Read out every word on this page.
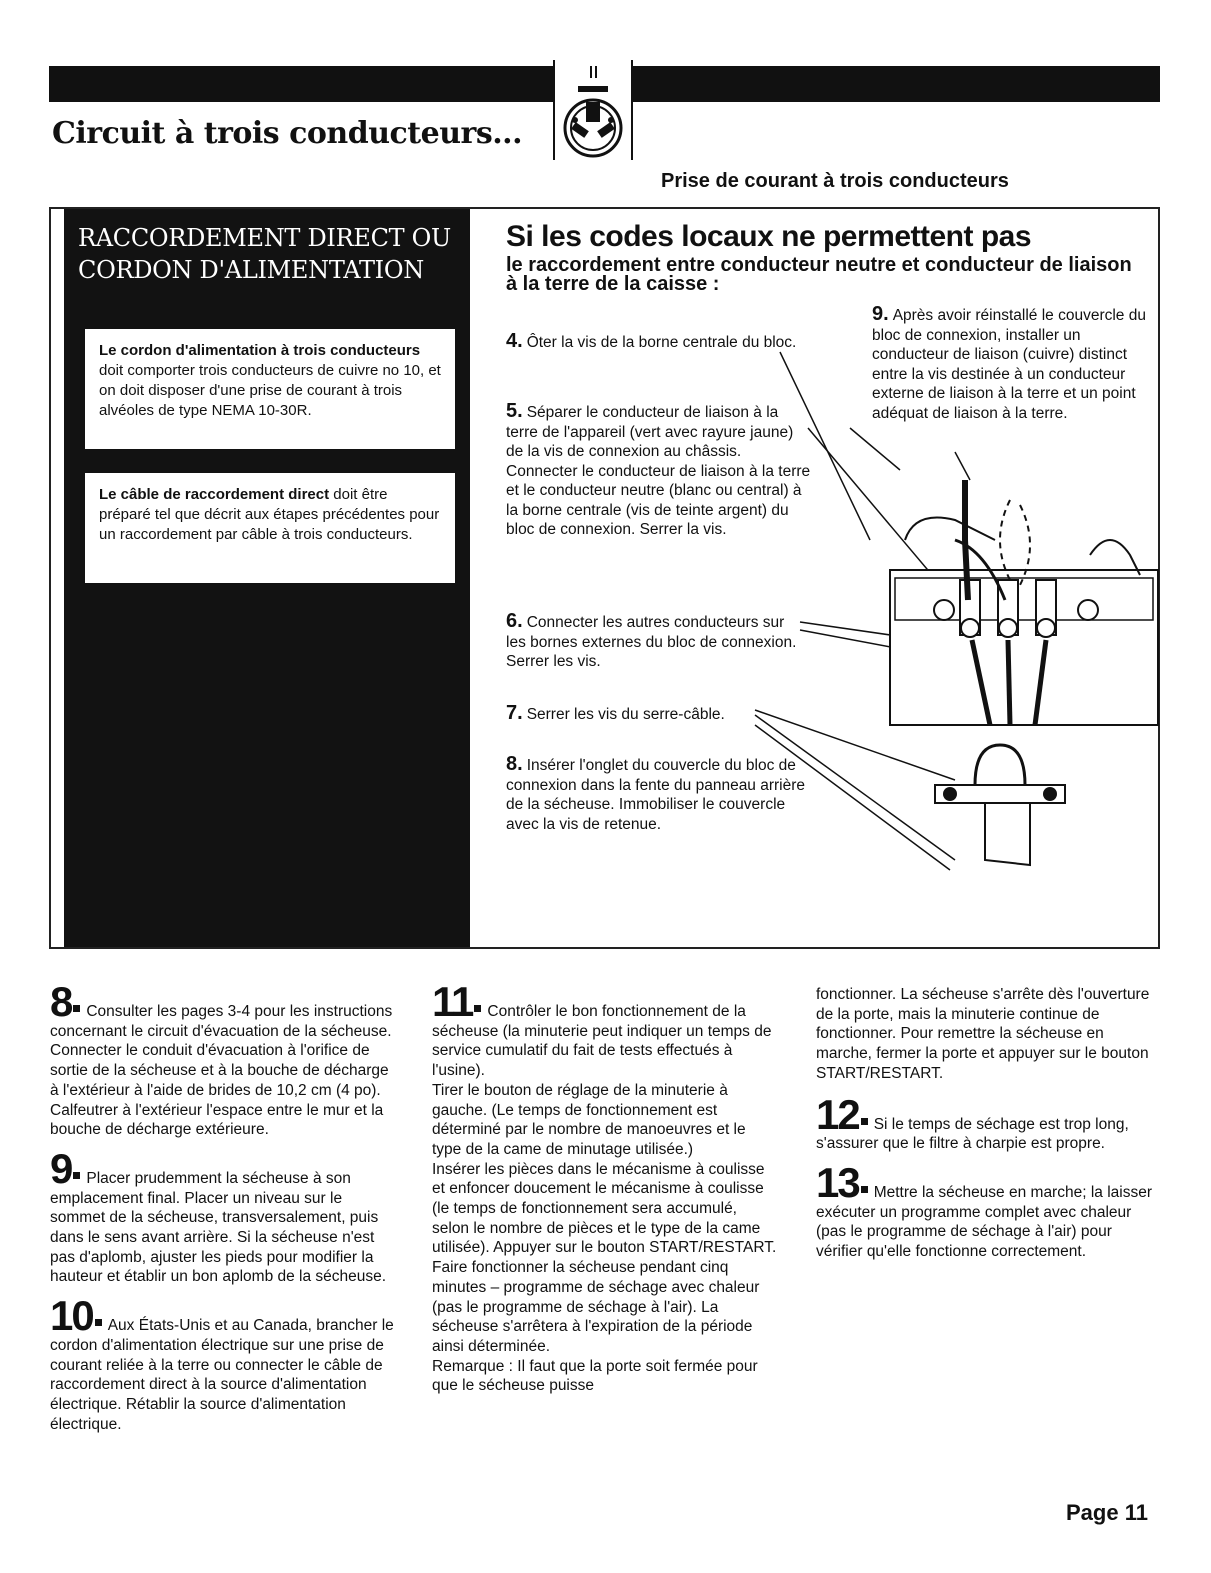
Circuit à trois conducteurs...
Prise de courant à trois conducteurs
RACCORDEMENT DIRECT OU CORDON D'ALIMENTATION
Le cordon d'alimentation à trois conducteurs doit comporter trois conducteurs de cuivre no 10, et on doit disposer d'une prise de courant à trois alvéoles de type NEMA 10-30R.
Le câble de raccordement direct doit être préparé tel que décrit aux étapes précédentes pour un raccordement par câble à trois conducteurs.
Si les codes locaux ne permettent pas
le raccordement entre conducteur neutre et conducteur de liaison à la terre de la caisse :
4. Ôter la vis de la borne centrale du bloc.
5. Séparer le conducteur de liaison à la terre de l'appareil (vert avec rayure jaune) de la vis de connexion au châssis. Connecter le conducteur de liaison à la terre et le conducteur neutre (blanc ou central) à la borne centrale (vis de teinte argent) du bloc de connexion. Serrer la vis.
6. Connecter les autres conducteurs sur les bornes externes du bloc de connexion. Serrer les vis.
7. Serrer les vis du serre-câble.
8. Insérer l'onglet du couvercle du bloc de connexion dans la fente du panneau arrière de la sécheuse. Immobiliser le couvercle avec la vis de retenue.
9. Après avoir réinstallé le couvercle du bloc de connexion, installer un conducteur de liaison (cuivre) distinct entre la vis destinée à un conducteur externe de liaison à la terre et un point adéquat de liaison à la terre.

8 Consulter les pages 3-4 pour les instructions concernant le circuit d'évacuation de la sécheuse. Connecter le conduit d'évacuation à l'orifice de sortie de la sécheuse et à la bouche de décharge à l'extérieur à l'aide de brides de 10,2 cm (4 po). Calfeutrer à l'extérieur l'espace entre le mur et la bouche de décharge extérieure.

9 Placer prudemment la sécheuse à son emplacement final. Placer un niveau sur le sommet de la sécheuse, transversalement, puis dans le sens avant arrière. Si la sécheuse n'est pas d'aplomb, ajuster les pieds pour modifier la hauteur et établir un bon aplomb de la sécheuse.

10 Aux États-Unis et au Canada, brancher le cordon d'alimentation électrique sur une prise de courant reliée à la terre ou connecter le câble de raccordement direct à la source d'alimentation électrique. Rétablir la source d'alimentation électrique.

11 Contrôler le bon fonctionnement de la sécheuse (la minuterie peut indiquer un temps de service cumulatif du fait de tests effectués à l'usine).

Tirer le bouton de réglage de la minuterie à gauche. (Le temps de fonctionnement est déterminé par le nombre de manoeuvres et le type de la came de minutage utilisée.)

Insérer les pièces dans le mécanisme à coulisse et enfoncer doucement le mécanisme à coulisse (le temps de fonctionnement sera accumulé, selon le nombre de pièces et le type de la came utilisée). Appuyer sur le bouton START/RESTART. Faire fonctionner la sécheuse pendant cinq minutes – programme de séchage avec chaleur (pas le programme de séchage à l'air). La sécheuse s'arrêtera à l'expiration de la période ainsi déterminée.

Remarque : Il faut que la porte soit fermée pour que le sécheuse puisse

fonctionner. La sécheuse s'arrête dès l'ouverture de la porte, mais la minuterie continue de fonctionner. Pour remettre la sécheuse en marche, fermer la porte et appuyer sur le bouton START/RESTART.

12 Si le temps de séchage est trop long, s'assurer que le filtre à charpie est propre.

13 Mettre la sécheuse en marche; la laisser exécuter un programme complet avec chaleur (pas le programme de séchage à l'air) pour vérifier qu'elle fonctionne correctement.

Page 11
